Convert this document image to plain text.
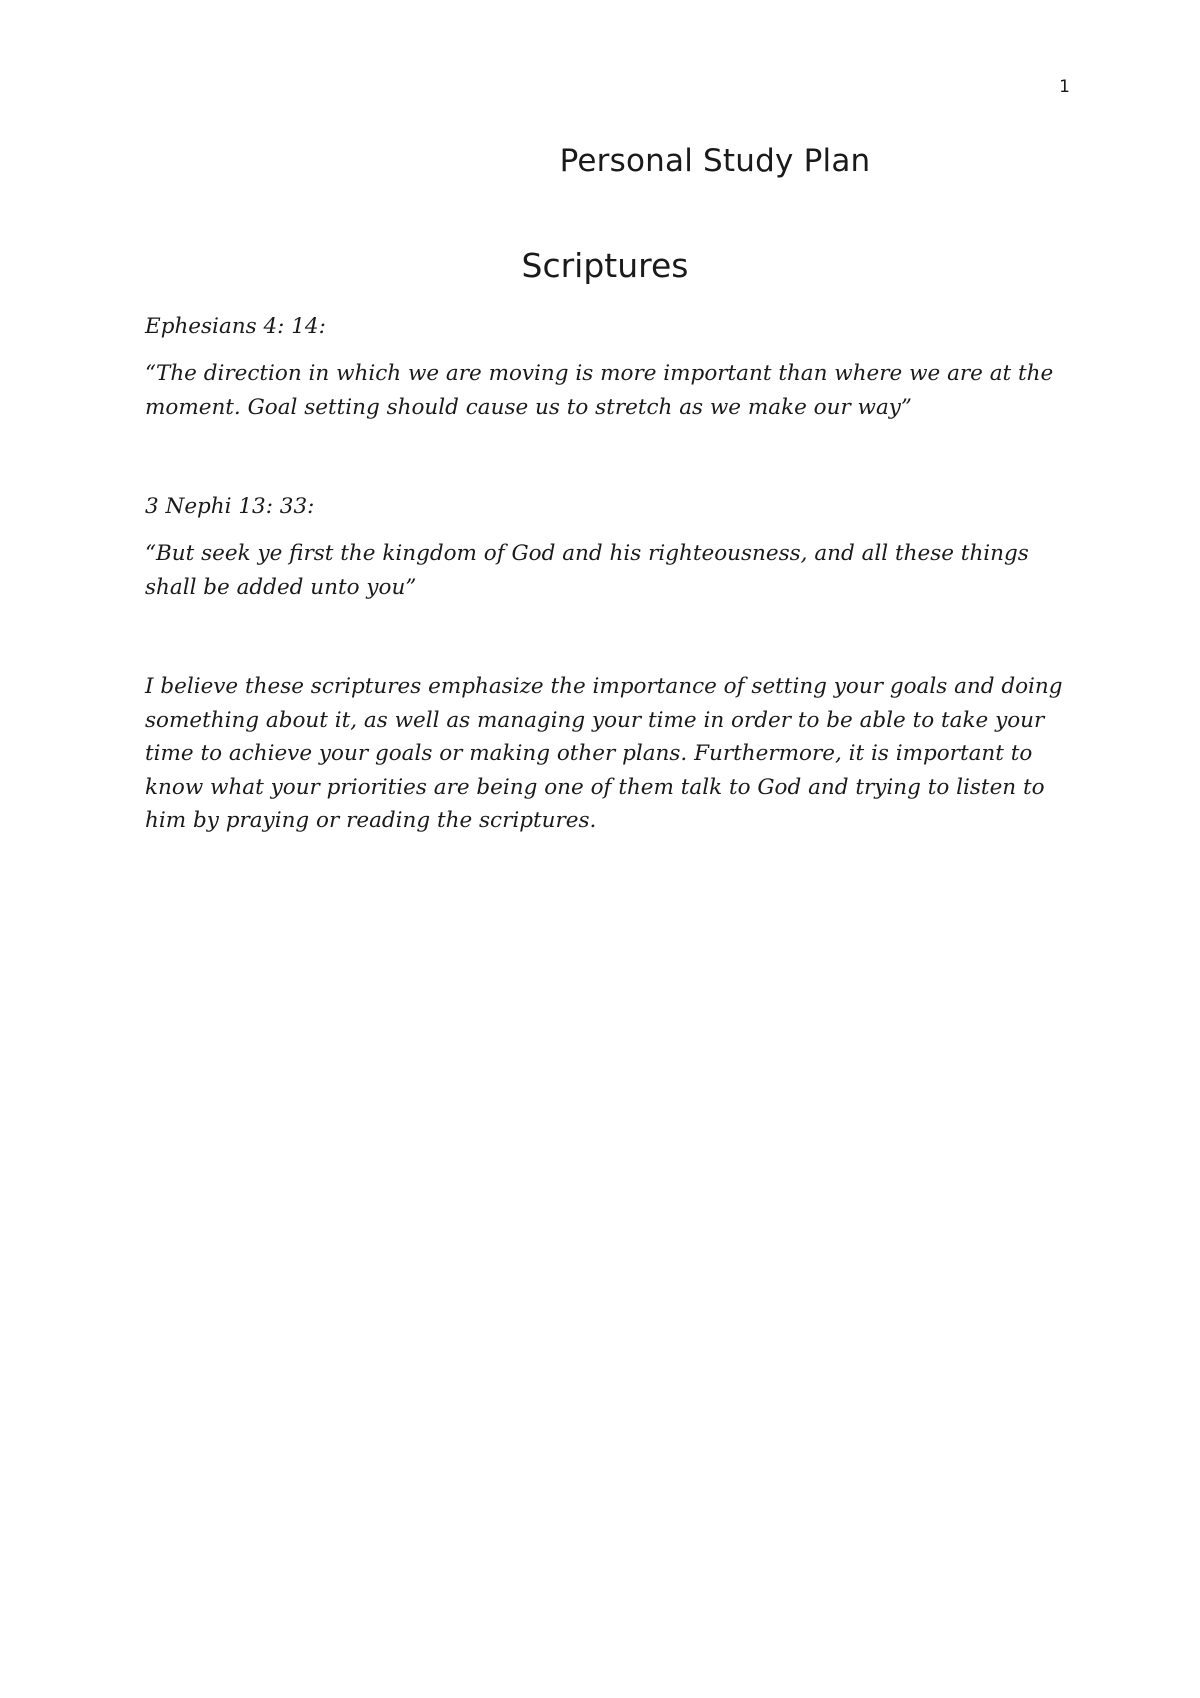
1
Personal Study Plan
Scriptures

Ephesians 4: 14:

“The direction in which we are moving is more important than where we are at the moment. Goal setting should cause us to stretch as we make our way”

3 Nephi 13: 33:

“But seek ye first the kingdom of God and his righteousness, and all these things shall be added unto you”

I believe these scriptures emphasize the importance of setting your goals and doing something about it, as well as managing your time in order to be able to take your time to achieve your goals or making other plans. Furthermore, it is important to know what your priorities are being one of them talk to God and trying to listen to him by praying or reading the scriptures.
